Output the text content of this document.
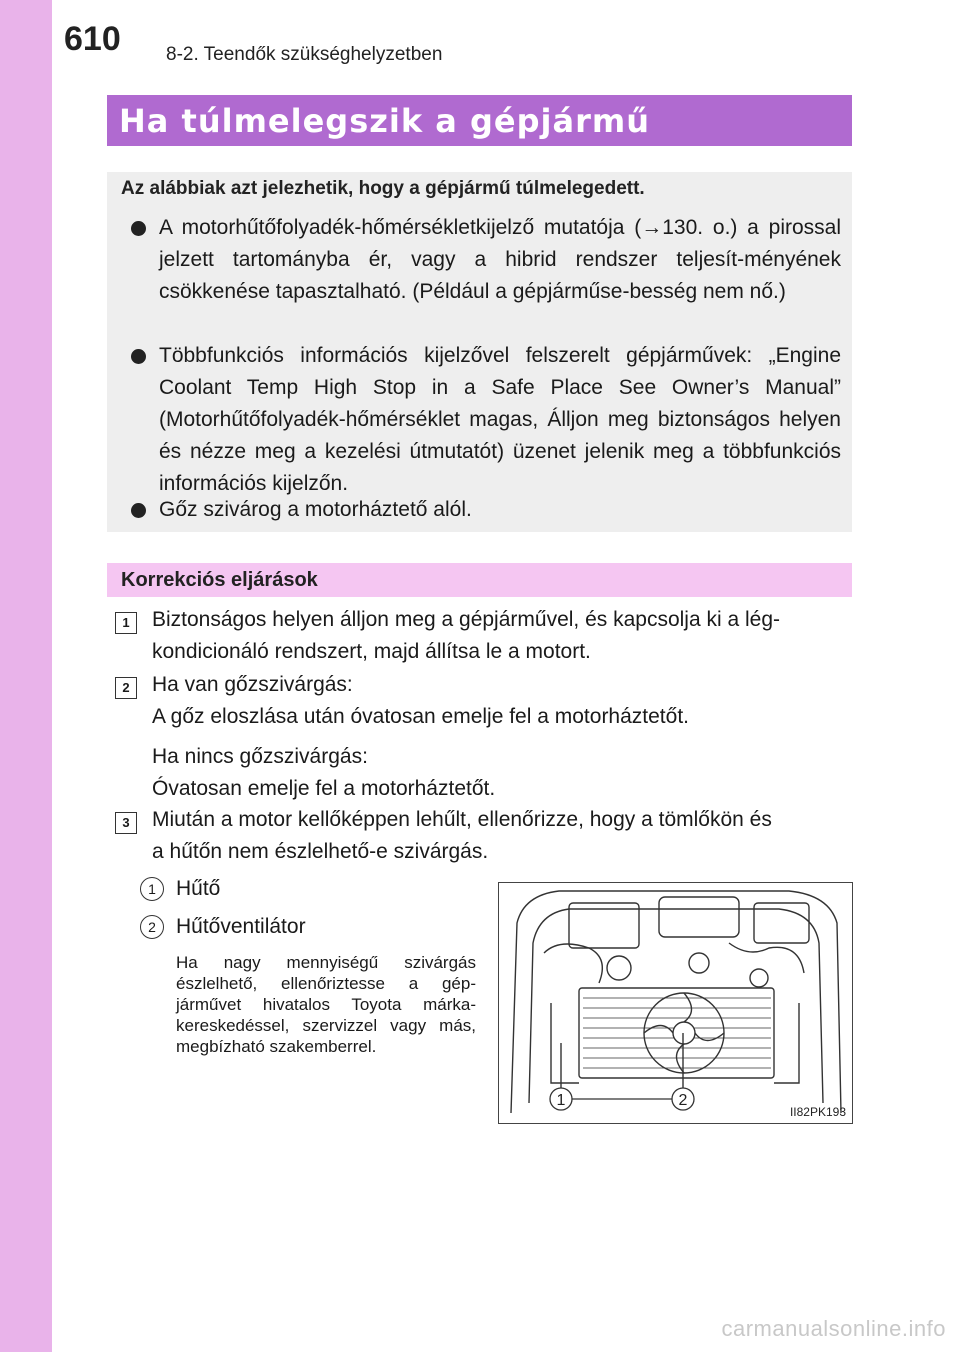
610 8-2. Teendők szükséghelyzetben
Ha túlmelegszik a gépjármű
Az alábbiak azt jelezhetik, hogy a gépjármű túlmelegedett.
A motorhűtőfolyadék-hőmérsékletkijelző mutatója (→130. o.) a pirossal jelzett tartományba ér, vagy a hibrid rendszer teljesít-ményének csökkenése tapasztalható. (Például a gépjárműse-besség nem nő.)
Többfunkciós információs kijelzővel felszerelt gépjárművek: „Engine Coolant Temp High Stop in a Safe Place See Owner’s Manual” (Motorhűtőfolyadék-hőmérséklet magas, Álljon meg biztonságos helyen és nézze meg a kezelési útmutatót) üzenet jelenik meg a többfunkciós információs kijelzőn.
Gőz szivárog a motorháztető alól.
Korrekciós eljárások
1	Biztonságos helyen álljon meg a gépjárművel, és kapcsolja ki a lég-
kondicionáló rendszert, majd állítsa le a motort.
2	Ha van gőzszivárgás:
A gőz eloszlása után óvatosan emelje fel a motorháztetőt.
Ha nincs gőzszivárgás:
Óvatosan emelje fel a motorháztetőt.
3	Miután a motor kellőképpen lehűlt, ellenőrizze, hogy a tömlőkön és
a hűtőn nem észlelhető-e szivárgás.
1 Hűtő
2 Hűtőventilátor
Ha nagy mennyiségű szivárgás észlelhető, ellenőriztesse a gép-járművet hivatalos Toyota márka-kereskedéssel, szervizzel vagy más, megbízható szakemberrel.
1	2
II82PK193
carmanualsonline.info
